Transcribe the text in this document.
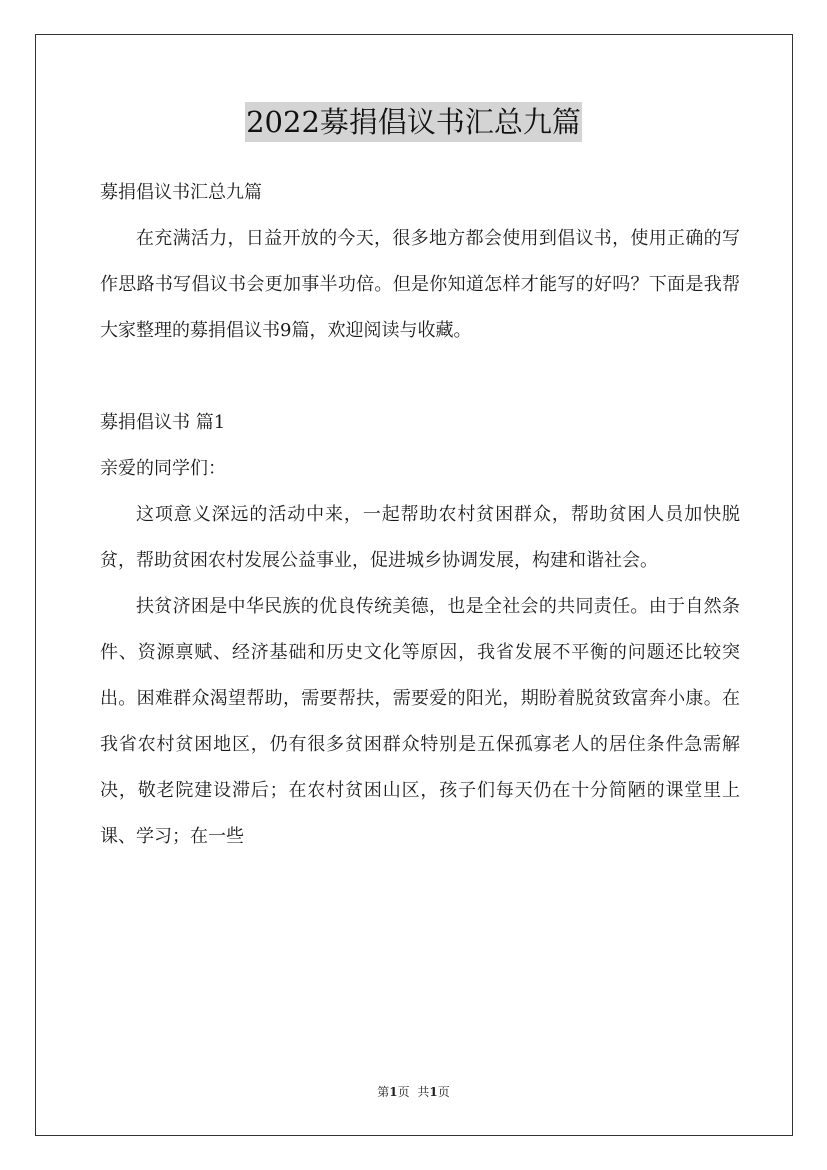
2022募捐倡议书汇总九篇

募捐倡议书汇总九篇

在充满活力，日益开放的今天，很多地方都会使用到倡议书，使用正确的写作思路书写倡议书会更加事半功倍。但是你知道怎样才能写的好吗？下面是我帮大家整理的募捐倡议书9篇，欢迎阅读与收藏。

募捐倡议书 篇1

亲爱的同学们：

这项意义深远的活动中来，一起帮助农村贫困群众，帮助贫困人员加快脱贫，帮助贫困农村发展公益事业，促进城乡协调发展，构建和谐社会。

扶贫济困是中华民族的优良传统美德，也是全社会的共同责任。由于自然条件、资源禀赋、经济基础和历史文化等原因，我省发展不平衡的问题还比较突出。困难群众渴望帮助，需要帮扶，需要爱的阳光，期盼着脱贫致富奔小康。在我省农村贫困地区，仍有很多贫困群众特别是五保孤寡老人的居住条件急需解决，敬老院建设滞后；在农村贫困山区，孩子们每天仍在十分简陋的课堂里上课、学习；在一些

第1页 共1页
